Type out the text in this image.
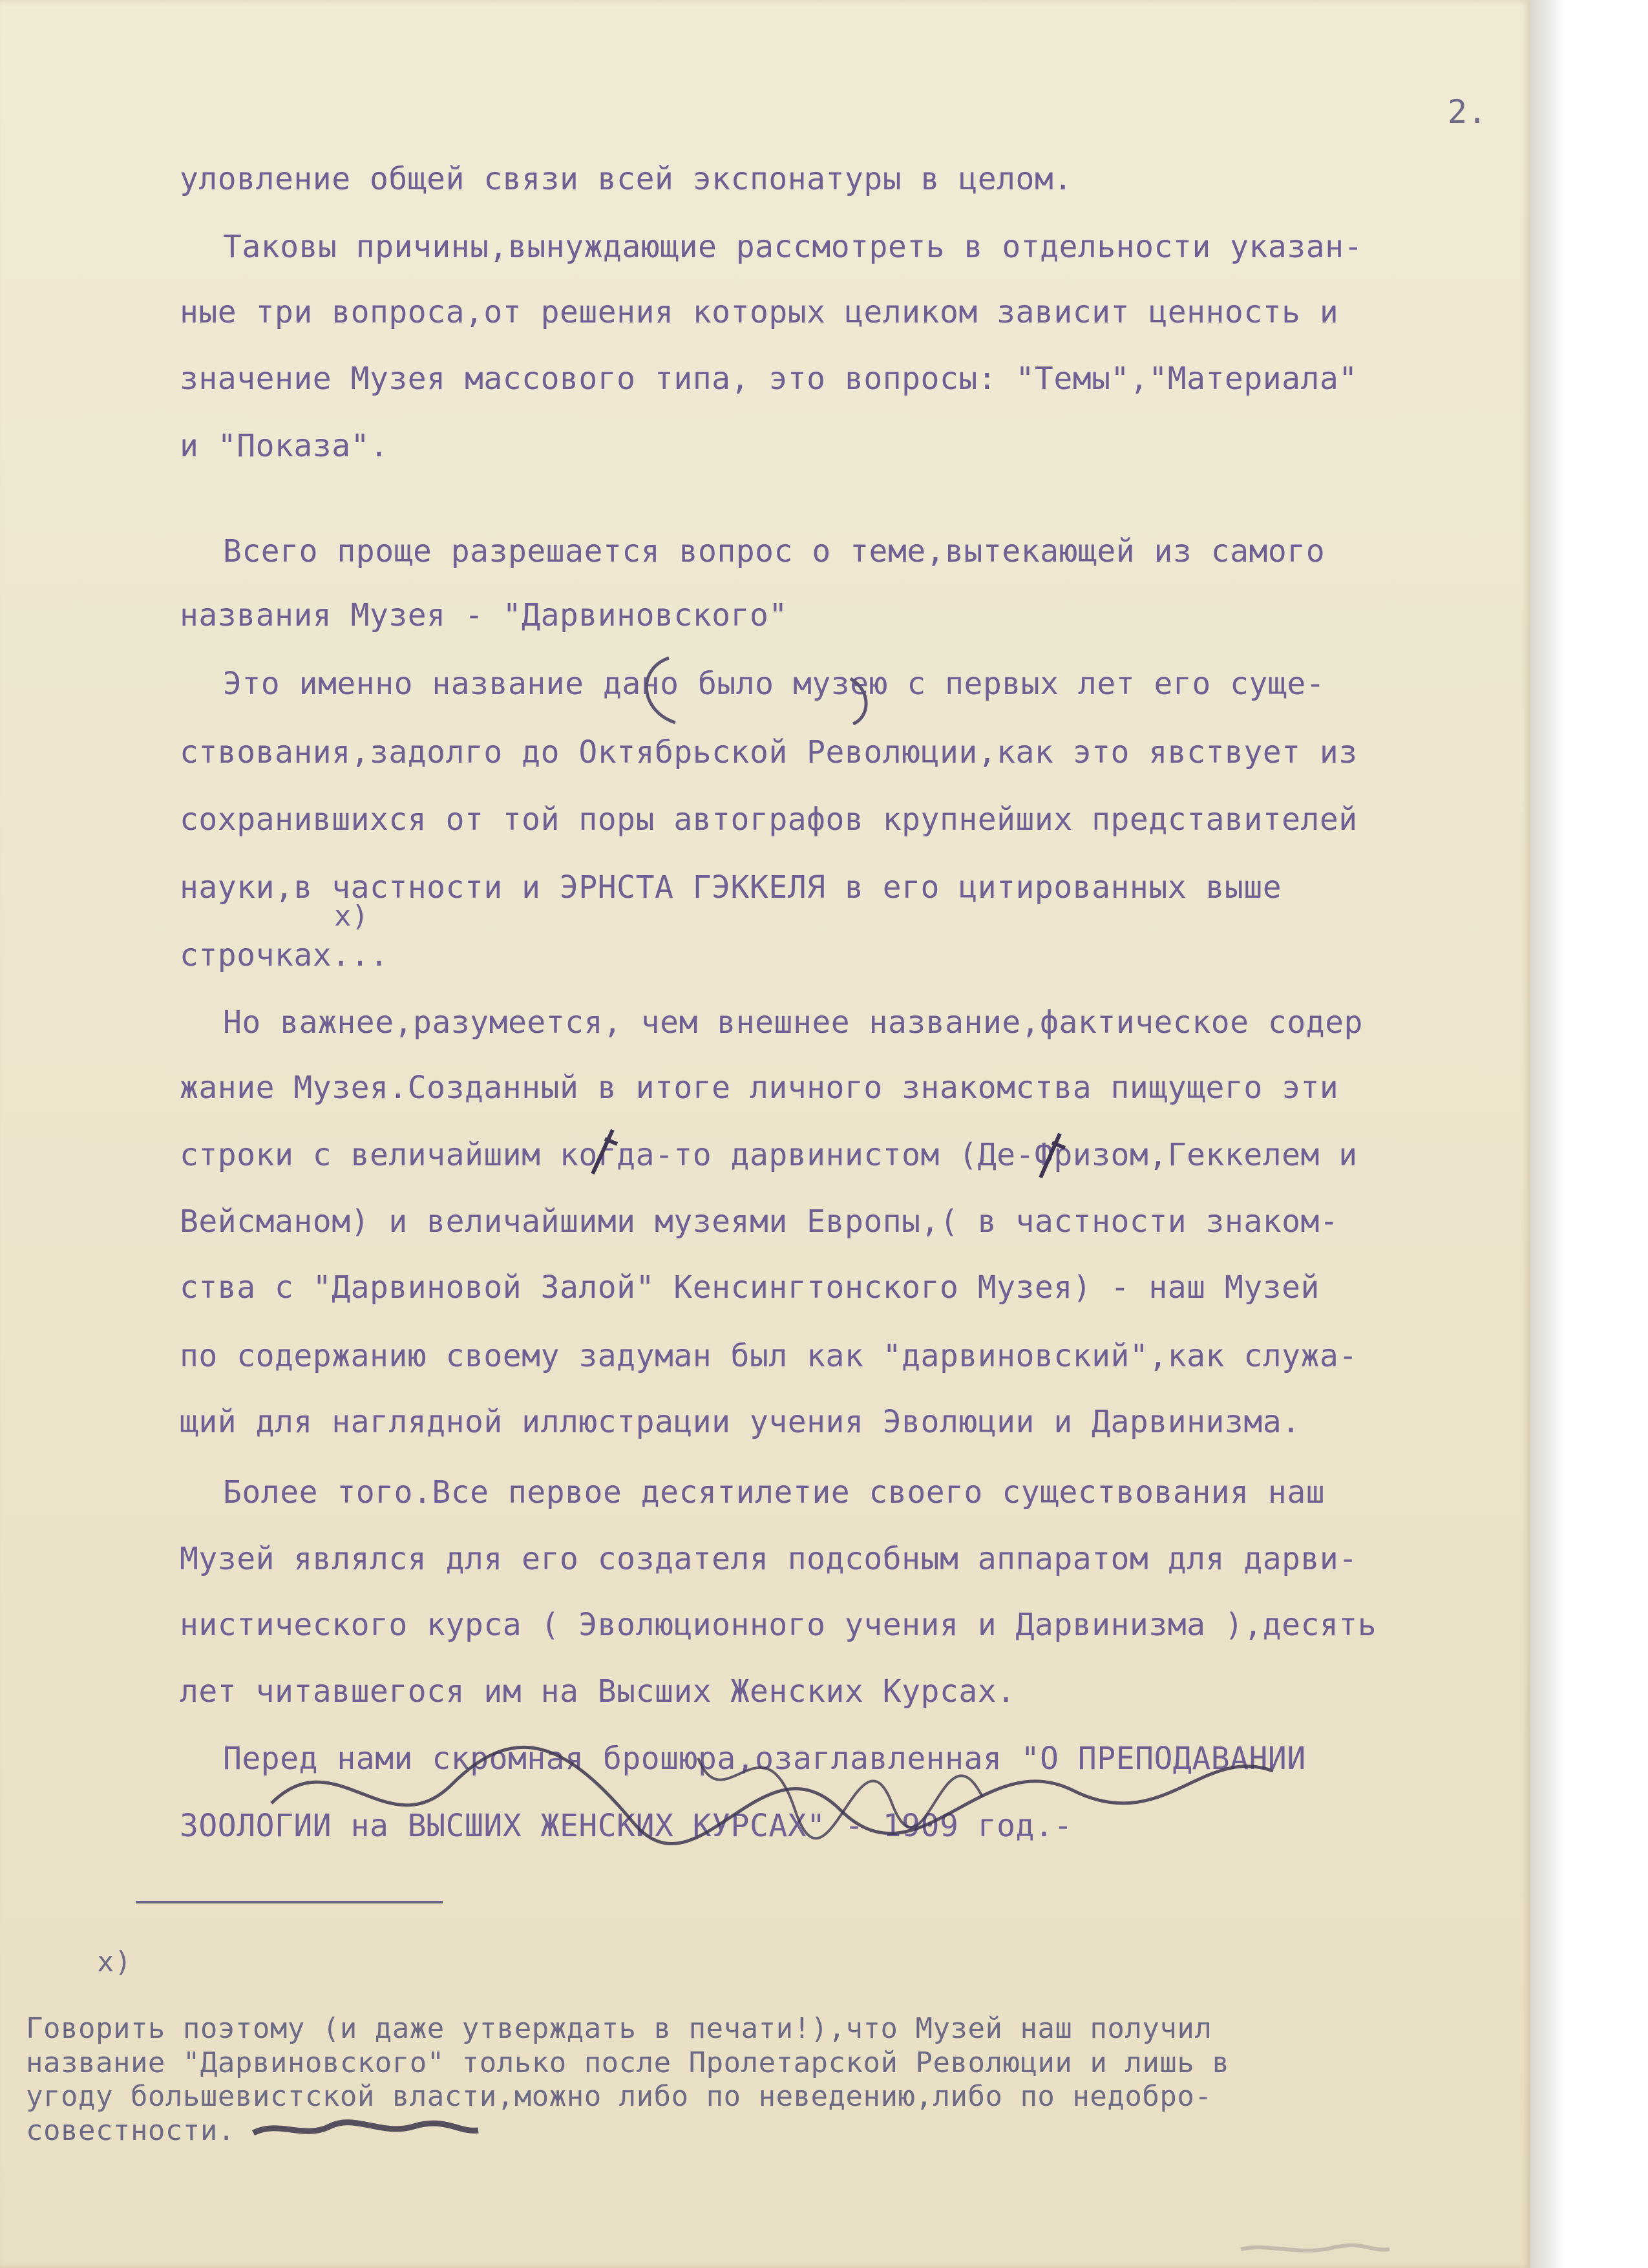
2.
уловление общей связи всей экспонатуры в целом.
Таковы причины,вынуждающие рассмотреть в отдельности указан-
ные три вопроса,от решения которых целиком зависит ценность и
значение Музея массового типа, это вопросы: "Темы","Материала"
и "Показа".
Всего проще разрешается вопрос о теме,вытекающей из самого
названия Музея - "Дарвиновского"
Это именно название дано было музею с первых лет его суще-
ствования,задолго до Октябрьской Революции,как это явствует из
сохранившихся от той поры автографов крупнейших представителей
науки,в частности и ЭРНСТА ГЭККЕЛЯ в его цитированных выше
x)
строчках...
Но важнее,разумеется, чем внешнее название,фактическое содер
жание Музея.Созданный в итоге личного знакомства пищущего эти
строки с величайшим когда-то дарвинистом (Де-Фризом,Геккелем и
Вейсманом) и величайшими музеями Европы,( в частности знаком-
ства с "Дарвиновой Залой" Кенсингтонского Музея) - наш Музей
по содержанию своему задуман был как "дарвиновский",как служа-
щий для наглядной иллюстрации учения Эволюции и Дарвинизма.
Более того.Все первое десятилетие своего существования наш
Музей являлся для его создателя подсобным аппаратом для дарви-
нистического курса ( Эволюционного учения и Дарвинизма ),десять
лет читавшегося им на Высших Женских Курсах.
Перед нами скромная брошюра,озаглавленная "О ПРЕПОДАВАНИИ
ЗООЛОГИИ на ВЫСШИХ ЖЕНСКИХ КУРСАХ" - 1909 год.-
x)
Говорить поэтому (и даже утверждать в печати!),что Музей наш получил
название "Дарвиновского" только после Пролетарской Революции и лишь в
угоду большевистской власти,можно либо по неведению,либо по недобро-
совестности.
